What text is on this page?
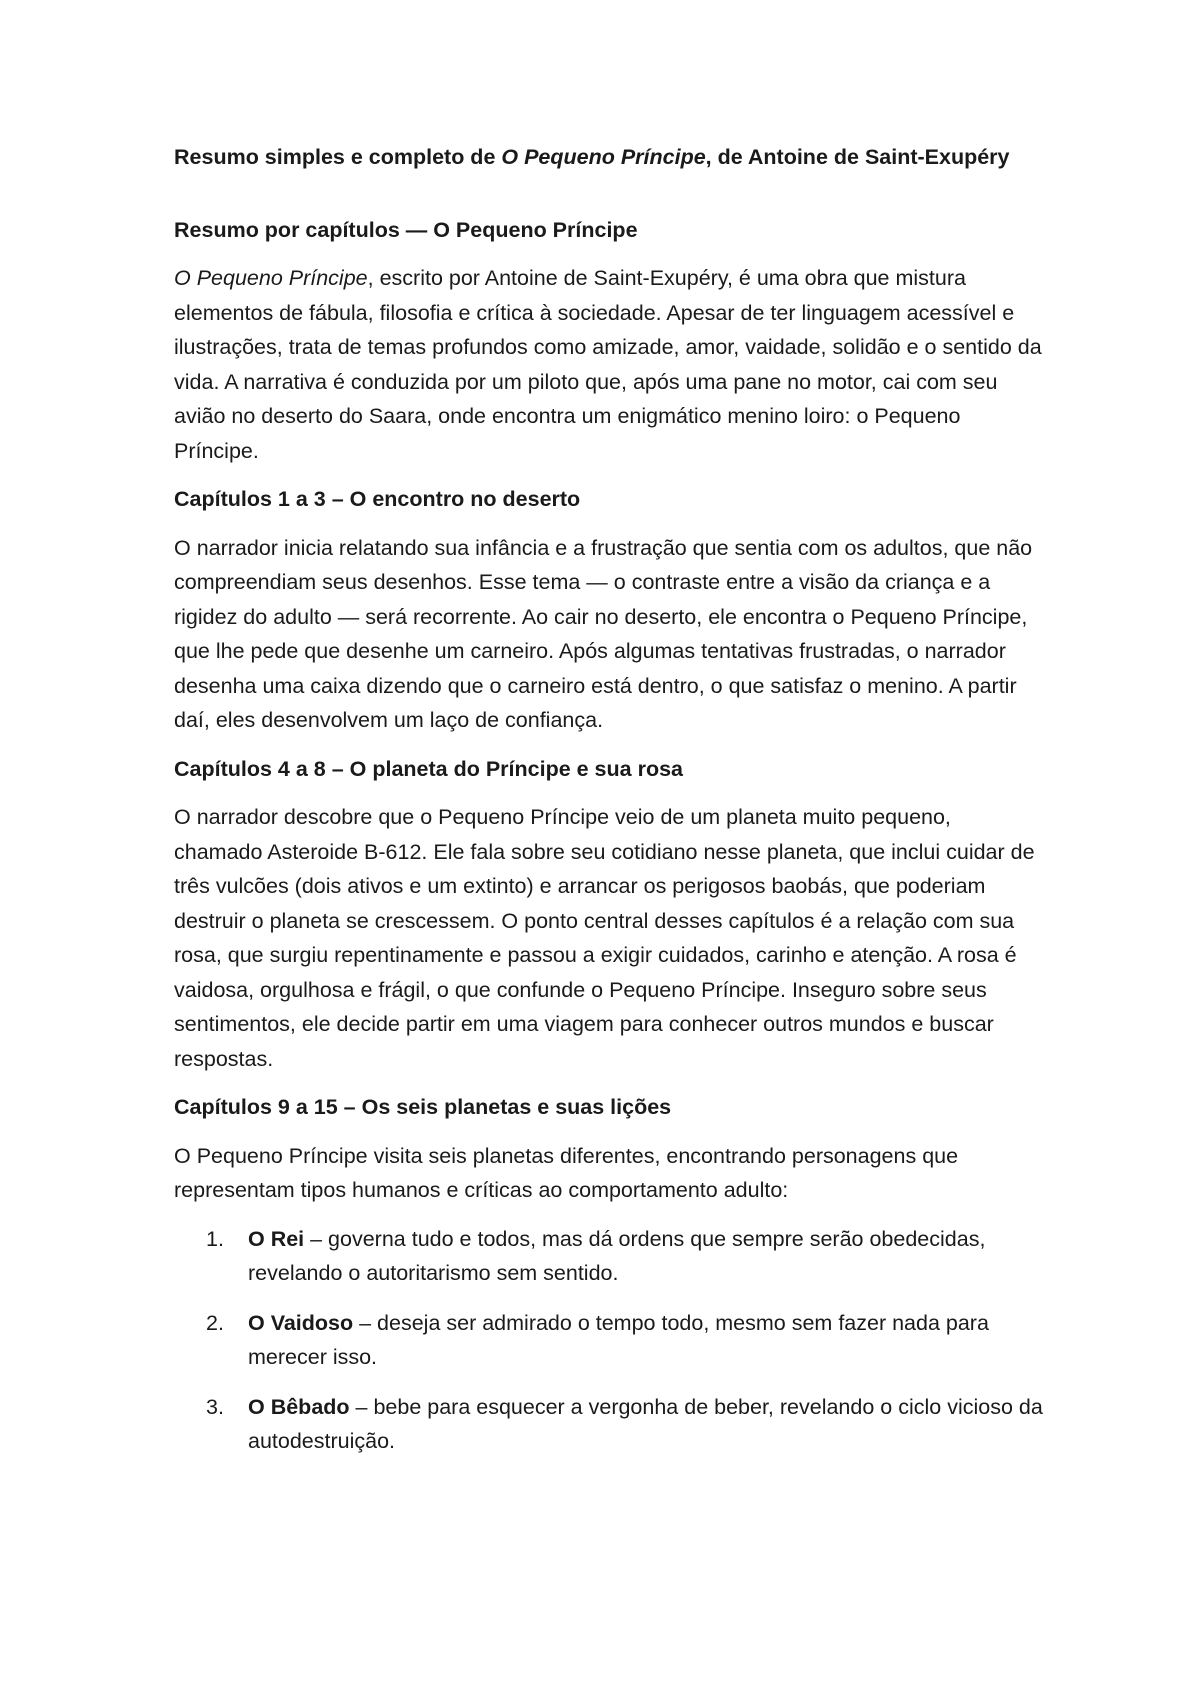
Resumo simples e completo de O Pequeno Príncipe, de Antoine de Saint-Exupéry

Resumo por capítulos — O Pequeno Príncipe

O Pequeno Príncipe, escrito por Antoine de Saint-Exupéry, é uma obra que mistura elementos de fábula, filosofia e crítica à sociedade. Apesar de ter linguagem acessível e ilustrações, trata de temas profundos como amizade, amor, vaidade, solidão e o sentido da vida. A narrativa é conduzida por um piloto que, após uma pane no motor, cai com seu avião no deserto do Saara, onde encontra um enigmático menino loiro: o Pequeno Príncipe.

Capítulos 1 a 3 – O encontro no deserto

O narrador inicia relatando sua infância e a frustração que sentia com os adultos, que não compreendiam seus desenhos. Esse tema — o contraste entre a visão da criança e a rigidez do adulto — será recorrente. Ao cair no deserto, ele encontra o Pequeno Príncipe, que lhe pede que desenhe um carneiro. Após algumas tentativas frustradas, o narrador desenha uma caixa dizendo que o carneiro está dentro, o que satisfaz o menino. A partir daí, eles desenvolvem um laço de confiança.

Capítulos 4 a 8 – O planeta do Príncipe e sua rosa

O narrador descobre que o Pequeno Príncipe veio de um planeta muito pequeno, chamado Asteroide B-612. Ele fala sobre seu cotidiano nesse planeta, que inclui cuidar de três vulcões (dois ativos e um extinto) e arrancar os perigosos baobás, que poderiam destruir o planeta se crescessem. O ponto central desses capítulos é a relação com sua rosa, que surgiu repentinamente e passou a exigir cuidados, carinho e atenção. A rosa é vaidosa, orgulhosa e frágil, o que confunde o Pequeno Príncipe. Inseguro sobre seus sentimentos, ele decide partir em uma viagem para conhecer outros mundos e buscar respostas.

Capítulos 9 a 15 – Os seis planetas e suas lições

O Pequeno Príncipe visita seis planetas diferentes, encontrando personagens que representam tipos humanos e críticas ao comportamento adulto:

1. O Rei – governa tudo e todos, mas dá ordens que sempre serão obedecidas, revelando o autoritarismo sem sentido.
2. O Vaidoso – deseja ser admirado o tempo todo, mesmo sem fazer nada para merecer isso.
3. O Bêbado – bebe para esquecer a vergonha de beber, revelando o ciclo vicioso da autodestruição.
